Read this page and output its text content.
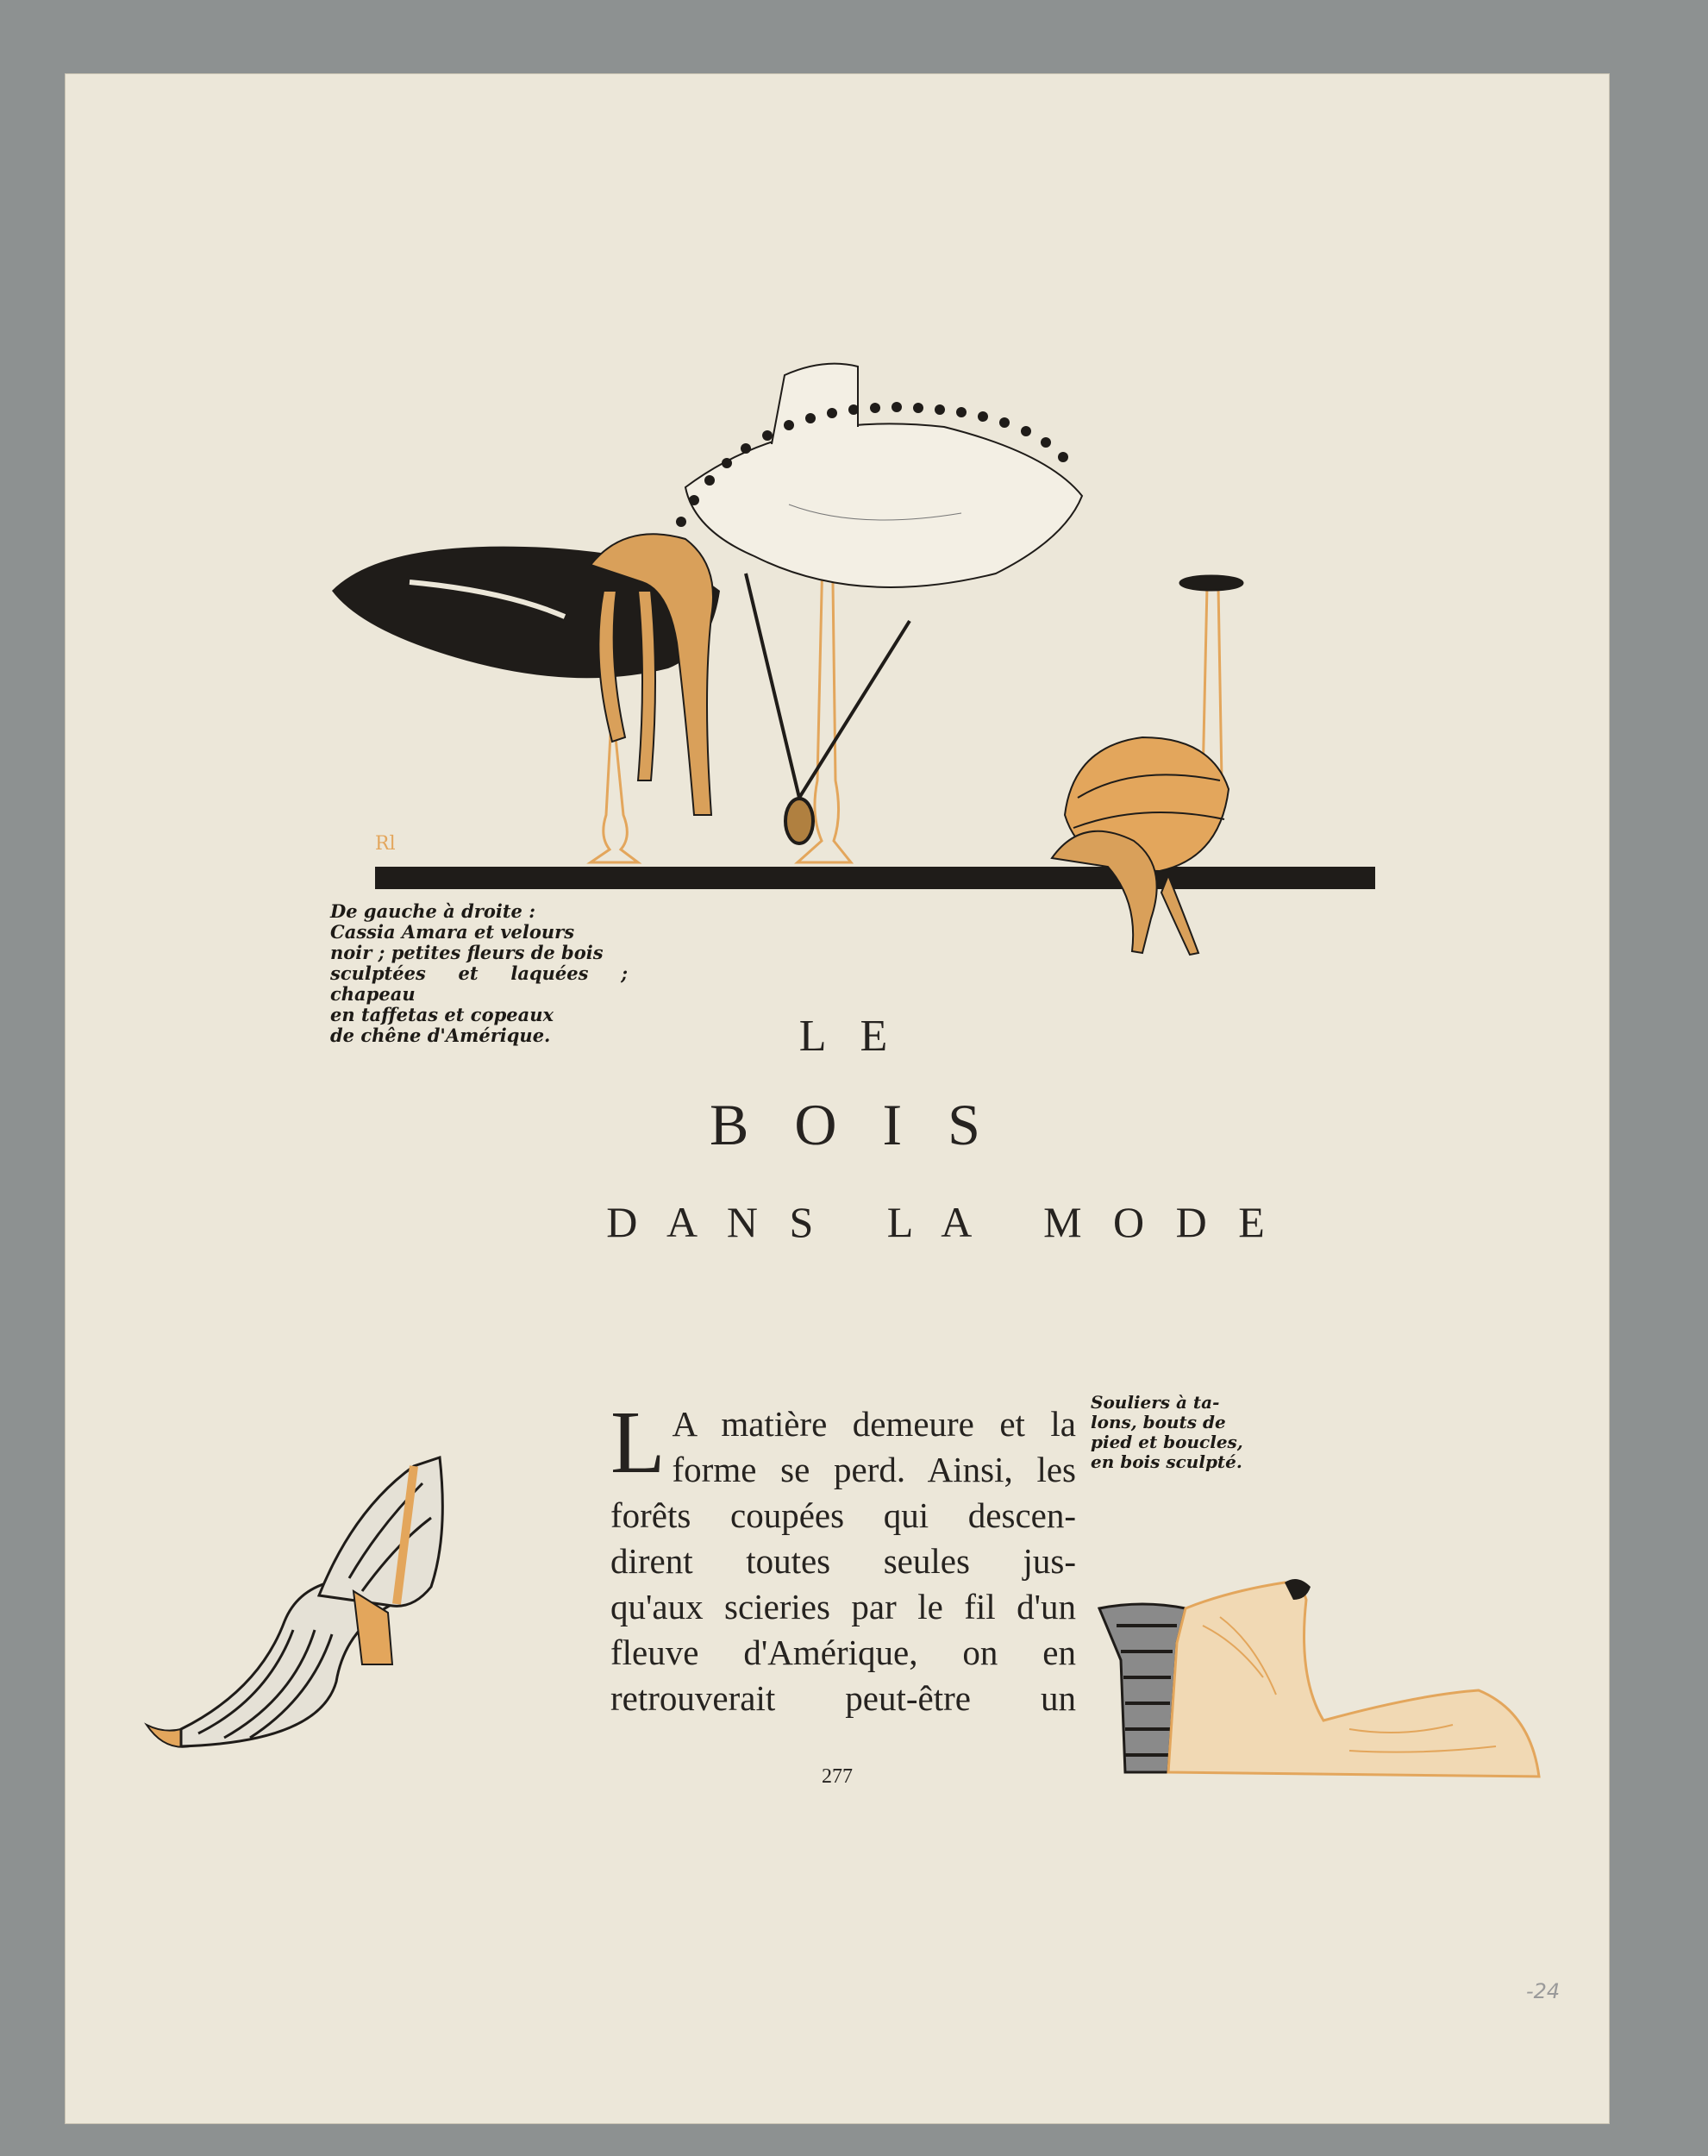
Rl
De gauche à droite :
Cassia Amara et velours
noir ; petites fleurs de bois
sculptées et laquées ; chapeau
en taffetas et copeaux
de chêne d'Amérique.	L E
B O I S
D A N S   L A   M O D E
L A matière demeure et la
forme se perd. Ainsi, les
forêts coupées qui descen-
dirent toutes seules jus-
qu'aux scieries par le fil d'un
fleuve d'Amérique, on en
retrouverait peut-être un
Souliers à ta-
lons, bouts de
pied et boucles,
en bois sculpté.
277
-24
